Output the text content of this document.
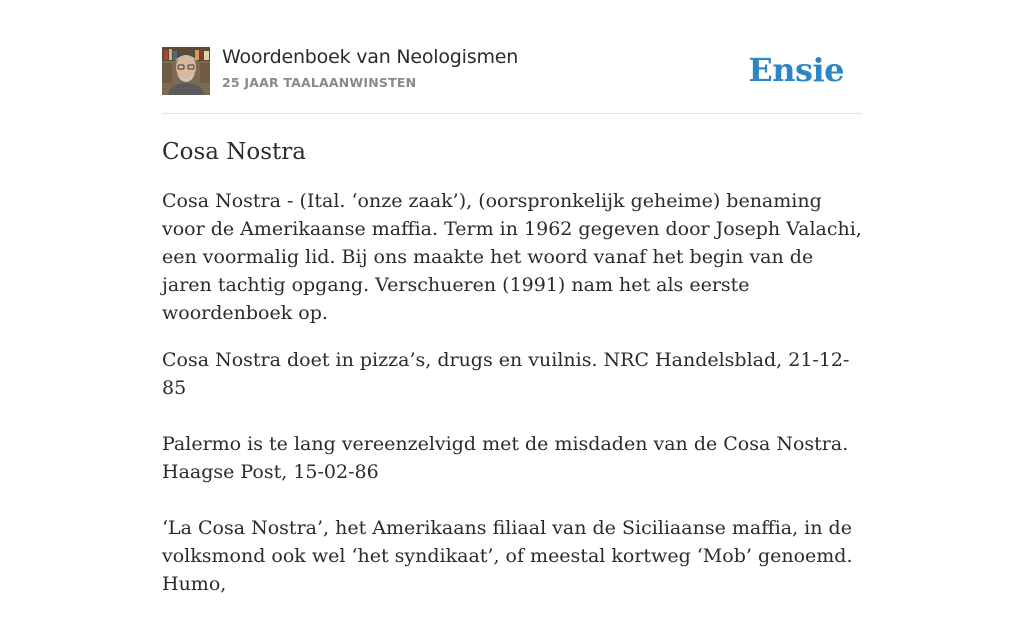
Woordenboek van Neologismen
25 JAAR TAALAANWINSTEN	Ensie
Cosa Nostra

Cosa Nostra - (Ital. ‘onze zaak’), (oorspronkelijk geheime) benaming voor de Amerikaanse maffia. Term in 1962 gegeven door Joseph Valachi, een voormalig lid. Bij ons maakte het woord vanaf het begin van de jaren tachtig opgang. Verschueren (1991) nam het als eerste woordenboek op.

Cosa Nostra doet in pizza’s, drugs en vuilnis. NRC Handelsblad, 21-12-85

Palermo is te lang vereenzelvigd met de misdaden van de Cosa Nostra. Haagse Post, 15-02-86

‘La Cosa Nostra’, het Amerikaans filiaal van de Siciliaanse maffia, in de volksmond ook wel ‘het syndikaat’, of meestal kortweg ‘Mob’ genoemd. Humo,
